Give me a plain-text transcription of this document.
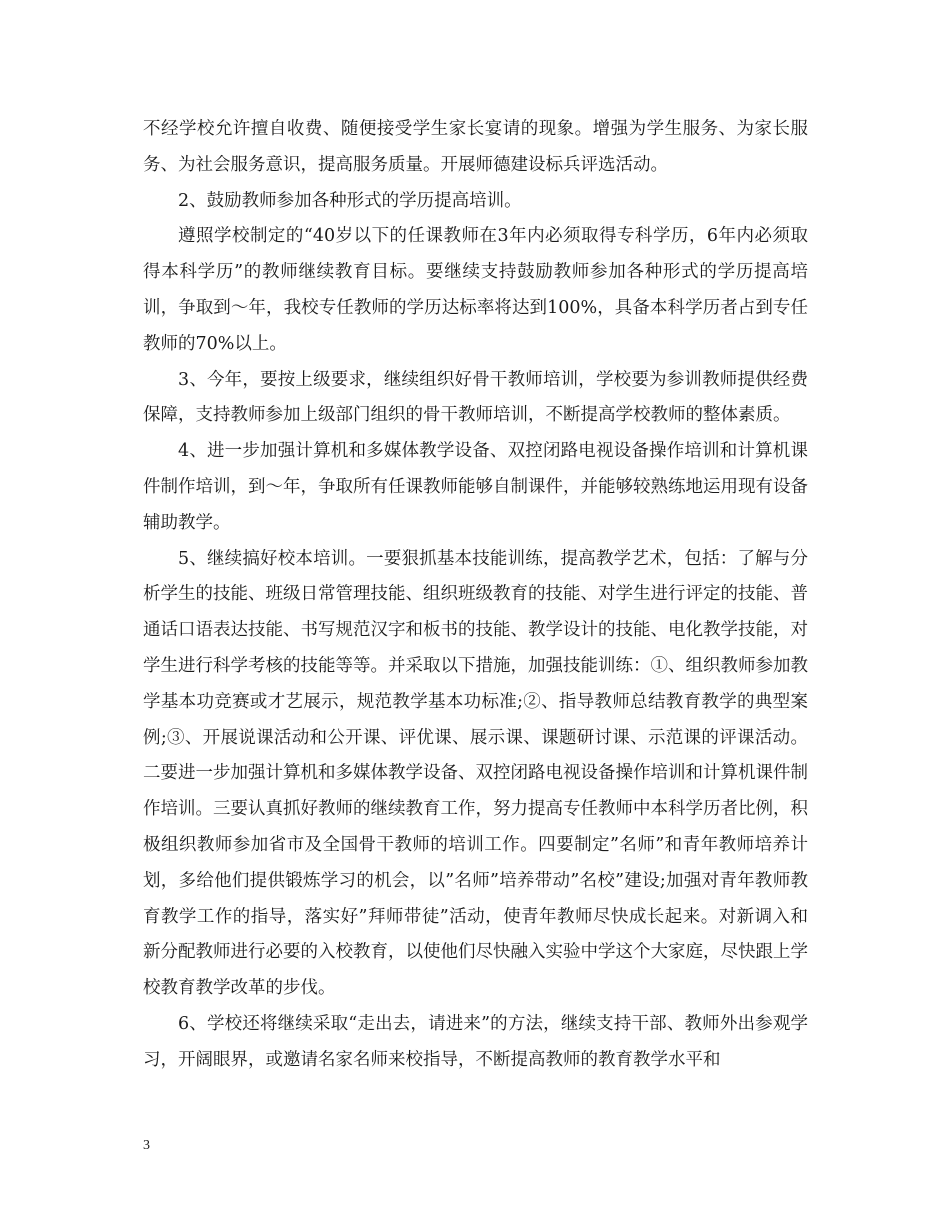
不经学校允许擅自收费、随便接受学生家长宴请的现象。增强为学生服务、为家长服务、为社会服务意识，提高服务质量。开展师德建设标兵评选活动。

2、鼓励教师参加各种形式的学历提高培训。

遵照学校制定的“40岁以下的任课教师在3年内必须取得专科学历，6年内必须取得本科学历”的教师继续教育目标。要继续支持鼓励教师参加各种形式的学历提高培训，争取到～年，我校专任教师的学历达标率将达到100%，具备本科学历者占到专任教师的70%以上。

3、今年，要按上级要求，继续组织好骨干教师培训，学校要为参训教师提供经费保障，支持教师参加上级部门组织的骨干教师培训，不断提高学校教师的整体素质。

4、进一步加强计算机和多媒体教学设备、双控闭路电视设备操作培训和计算机课件制作培训，到～年，争取所有任课教师能够自制课件，并能够较熟练地运用现有设备辅助教学。

5、继续搞好校本培训。一要狠抓基本技能训练，提高教学艺术，包括：了解与分析学生的技能、班级日常管理技能、组织班级教育的技能、对学生进行评定的技能、普通话口语表达技能、书写规范汉字和板书的技能、教学设计的技能、电化教学技能，对学生进行科学考核的技能等等。并采取以下措施，加强技能训练：①、组织教师参加教学基本功竞赛或才艺展示，规范教学基本功标准;②、指导教师总结教育教学的典型案例;③、开展说课活动和公开课、评优课、展示课、课题研讨课、示范课的评课活动。二要进一步加强计算机和多媒体教学设备、双控闭路电视设备操作培训和计算机课件制作培训。三要认真抓好教师的继续教育工作，努力提高专任教师中本科学历者比例，积极组织教师参加省市及全国骨干教师的培训工作。四要制定”名师”和青年教师培养计划，多给他们提供锻炼学习的机会，以”名师”培养带动”名校”建设;加强对青年教师教育教学工作的指导，落实好”拜师带徒”活动，使青年教师尽快成长起来。对新调入和新分配教师进行必要的入校教育，以使他们尽快融入实验中学这个大家庭，尽快跟上学校教育教学改革的步伐。

6、学校还将继续采取“走出去，请进来”的方法，继续支持干部、教师外出参观学习，开阔眼界，或邀请名家名师来校指导，不断提高教师的教育教学水平和

3
